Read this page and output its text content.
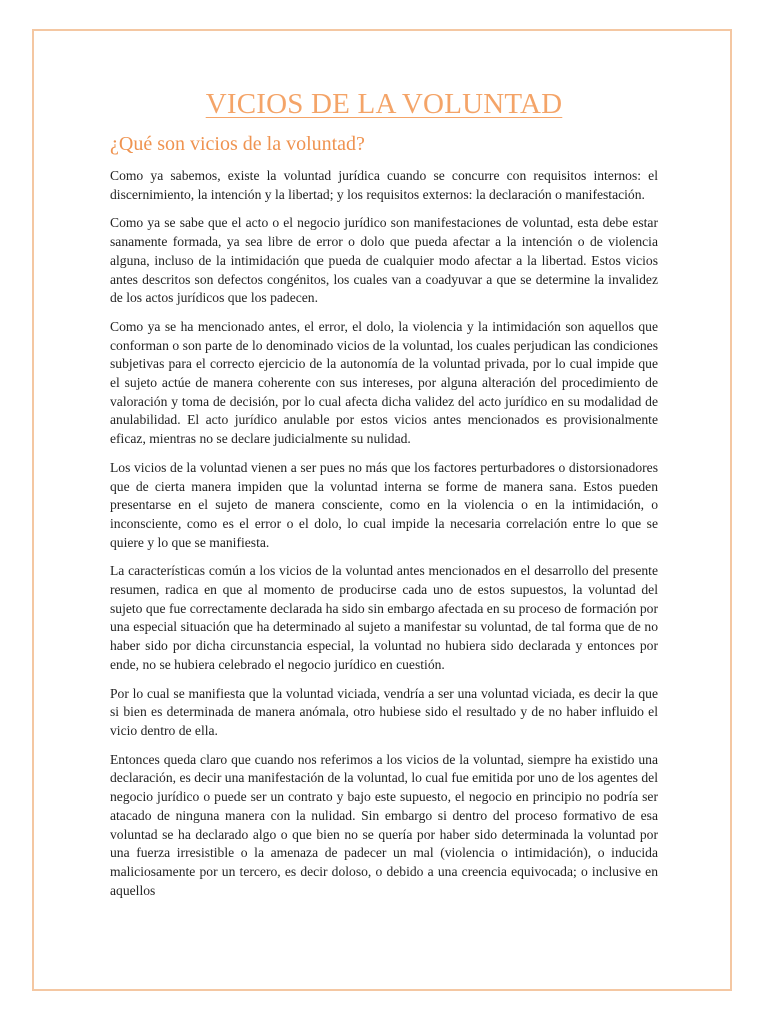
VICIOS DE LA VOLUNTAD
¿Qué son vicios de la voluntad?

Como ya sabemos, existe la voluntad jurídica cuando se concurre con requisitos internos: el discernimiento, la intención y la libertad; y los requisitos externos: la declaración o manifestación.

Como ya se sabe que el acto o el negocio jurídico son manifestaciones de voluntad, esta debe estar sanamente formada, ya sea libre de error o dolo que pueda afectar a la intención o de violencia alguna, incluso de la intimidación que pueda de cualquier modo afectar a la libertad. Estos vicios antes descritos son defectos congénitos, los cuales van a coadyuvar a que se determine la invalidez de los actos jurídicos que los padecen.

Como ya se ha mencionado antes, el error, el dolo, la violencia y la intimidación son aquellos que conforman o son parte de lo denominado vicios de la voluntad, los cuales perjudican las condiciones subjetivas para el correcto ejercicio de la autonomía de la voluntad privada, por lo cual impide que el sujeto actúe de manera coherente con sus intereses, por alguna alteración del procedimiento de valoración y toma de decisión, por lo cual afecta dicha validez del acto jurídico en su modalidad de anulabilidad. El acto jurídico anulable por estos vicios antes mencionados es provisionalmente eficaz, mientras no se declare judicialmente su nulidad.

Los vicios de la voluntad vienen a ser pues no más que los factores perturbadores o distorsionadores que de cierta manera impiden que la voluntad interna se forme de manera sana. Estos pueden presentarse en el sujeto de manera consciente, como en la violencia o en la intimidación, o inconsciente, como es el error o el dolo, lo cual impide la necesaria correlación entre lo que se quiere y lo que se manifiesta.

La características común a los vicios de la voluntad antes mencionados en el desarrollo del presente resumen, radica en que al momento de producirse cada uno de estos supuestos, la voluntad del sujeto que fue correctamente declarada ha sido sin embargo afectada en su proceso de formación por una especial situación que ha determinado al sujeto a manifestar su voluntad, de tal forma que de no haber sido por dicha circunstancia especial, la voluntad no hubiera sido declarada y entonces por ende, no se hubiera celebrado el negocio jurídico en cuestión.

Por lo cual se manifiesta que la voluntad viciada, vendría a ser una voluntad viciada, es decir la que si bien es determinada de manera anómala, otro hubiese sido el resultado y de no haber influido el vicio dentro de ella.

Entonces queda claro que cuando nos referimos a los vicios de la voluntad, siempre ha existido una declaración, es decir una manifestación de la voluntad, lo cual fue emitida por uno de los agentes del negocio jurídico o puede ser un contrato y bajo este supuesto, el negocio en principio no podría ser atacado de ninguna manera con la nulidad. Sin embargo si dentro del proceso formativo de esa voluntad se ha declarado algo o que bien no se quería por haber sido determinada la voluntad por una fuerza irresistible o la amenaza de padecer un mal (violencia o intimidación), o inducida maliciosamente por un tercero, es decir doloso, o debido a una creencia equivocada; o inclusive en aquellos
